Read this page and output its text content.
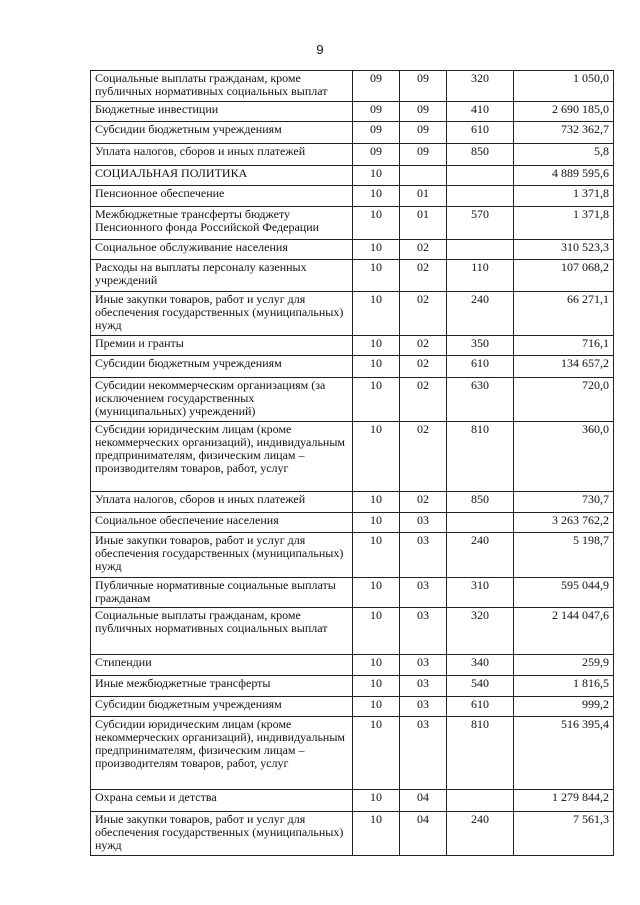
9
Социальные выплаты гражданам, кроме публичных нормативных социальных выплат	09	09	320	1 050,0
Бюджетные инвестиции	09	09	410	2 690 185,0
Субсидии бюджетным учреждениям	09	09	610	732 362,7
Уплата налогов, сборов и иных платежей	09	09	850	5,8
СОЦИАЛЬНАЯ ПОЛИТИКА	10			4 889 595,6
Пенсионное обеспечение	10	01		1 371,8
Межбюджетные трансферты бюджету Пенсионного фонда Российской Федерации	10	01	570	1 371,8
Социальное обслуживание населения	10	02		310 523,3
Расходы на выплаты персоналу казенных учреждений	10	02	110	107 068,2
Иные закупки товаров, работ и услуг для обеспечения государственных (муниципальных) нужд	10	02	240	66 271,1
Премии и гранты	10	02	350	716,1
Субсидии бюджетным учреждениям	10	02	610	134 657,2
Субсидии некоммерческим организациям (за исключением государственных (муниципальных) учреждений)	10	02	630	720,0
Субсидии юридическим лицам (кроме некоммерческих организаций), индивидуальным предпринимателям, физическим лицам – производителям товаров, работ, услуг	10	02	810	360,0
Уплата налогов, сборов и иных платежей	10	02	850	730,7
Социальное обеспечение населения	10	03		3 263 762,2
Иные закупки товаров, работ и услуг для обеспечения государственных (муниципальных) нужд	10	03	240	5 198,7
Публичные нормативные социальные выплаты гражданам	10	03	310	595 044,9
Социальные выплаты гражданам, кроме публичных нормативных социальных выплат	10	03	320	2 144 047,6
Стипендии	10	03	340	259,9
Иные межбюджетные трансферты	10	03	540	1 816,5
Субсидии бюджетным учреждениям	10	03	610	999,2
Субсидии юридическим лицам (кроме некоммерческих организаций), индивидуальным предпринимателям, физическим лицам – производителям товаров, работ, услуг	10	03	810	516 395,4
Охрана семьи и детства	10	04		1 279 844,2
Иные закупки товаров, работ и услуг для обеспечения государственных (муниципальных) нужд	10	04	240	7 561,3
